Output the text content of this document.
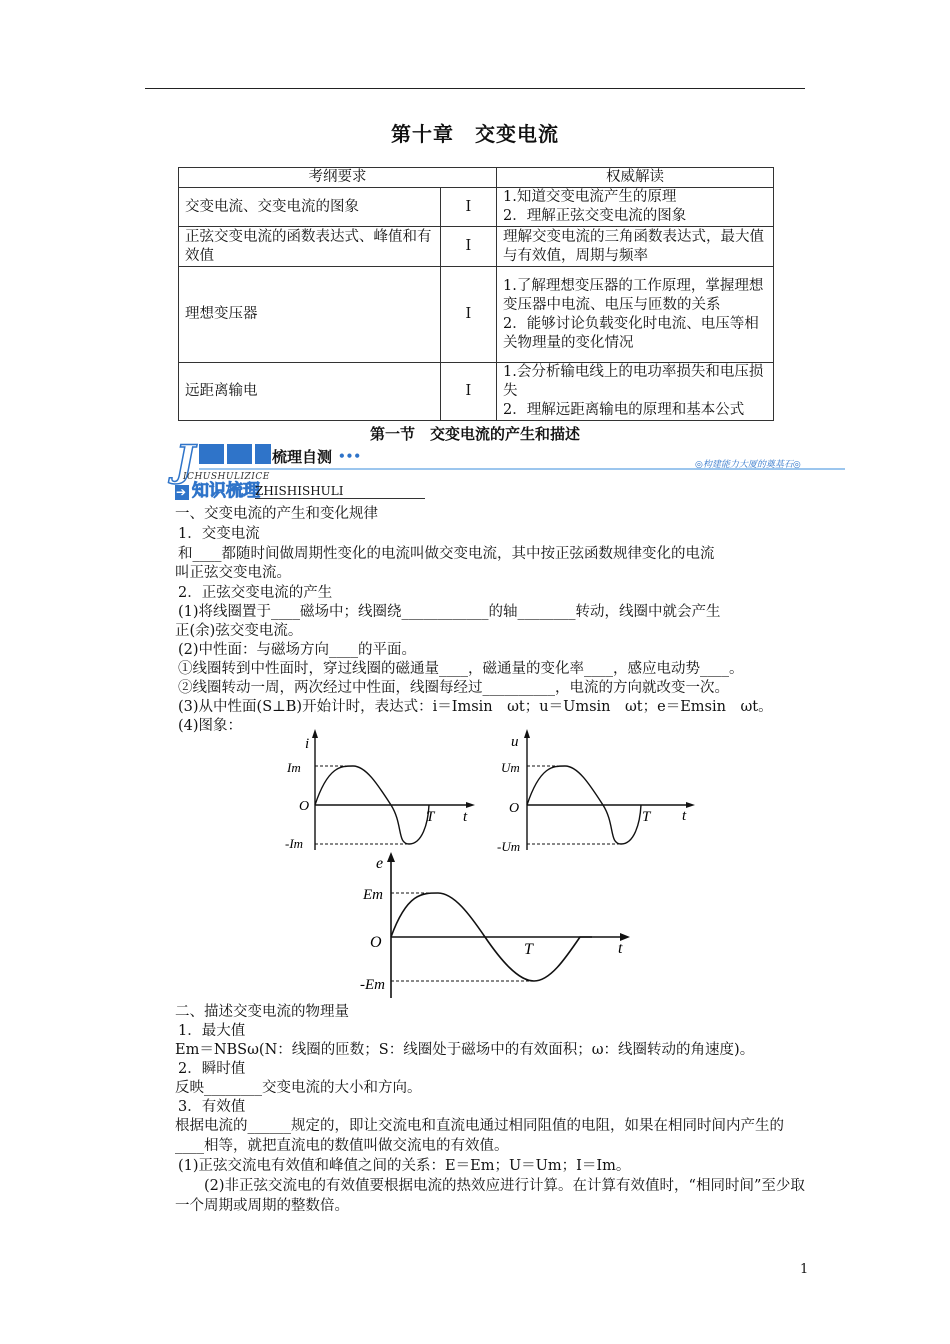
第十章　交变电流
考纲要求		权威解读
交变电流、交变电流的图象	Ⅰ	1.知道交变电流产生的原理
2．理解正弦交变电流的图象

正弦交变电流的函数表达式、峰值和有效值	Ⅰ	理解交变电流的三角函数表达式，最大值与有效值，周期与频率

理想变压器	Ⅰ	1.了解理想变压器的工作原理，掌握理想变压器中电流、电压与匝数的关系
2．能够讨论负载变化时电流、电压等相关物理量的变化情况

远距离输电	Ⅰ	1.会分析输电线上的电功率损失和电压损失
2．理解远距离输电的原理和基本公式
第一节　交变电流的产生和描述
J	梳理自测 •••
◎构建能力大厦的奠基石◎
ICHUSHULIZICE
➔ 知识梳理
ZHISHISHULI
一、交变电流的产生和变化规律
1．交变电流
和____都随时间做周期性变化的电流叫做交变电流，其中按正弦函数规律变化的电流
叫正弦交变电流。
2．正弦交变电流的产生
(1)将线圈置于____磁场中；线圈绕____________的轴________转动，线圈中就会产生
正(余)弦交变电流。
(2)中性面：与磁场方向____的平面。
①线圈转到中性面时，穿过线圈的磁通量____，磁通量的变化率____，感应电动势____。
②线圈转动一周，两次经过中性面，线圈每经过__________，电流的方向就改变一次。
(3)从中性面(S⊥B)开始计时，表达式：i＝Imsin　ωt；u＝Umsin　ωt；e＝Emsin　ωt。
(4)图象：
i
Im
O
-Im
T t
u
Um
O
-Um
T t
e
Em
O
-Em
T	t
二、描述交变电流的物理量
1．最大值
Em＝NBSω(N：线圈的匝数；S：线圈处于磁场中的有效面积；ω：线圈转动的角速度)。
2．瞬时值
反映________交变电流的大小和方向。
3．有效值
根据电流的______规定的，即让交流电和直流电通过相同阻值的电阻，如果在相同时间内产生的____相等，就把直流电的数值叫做交流电的有效值。
(1)正弦交流电有效值和峰值之间的关系：E＝Em；U＝Um；I＝Im。
(2)非正弦交流电的有效值要根据电流的热效应进行计算。在计算有效值时，“相同时间”至少取一个周期或周期的整数倍。
1
